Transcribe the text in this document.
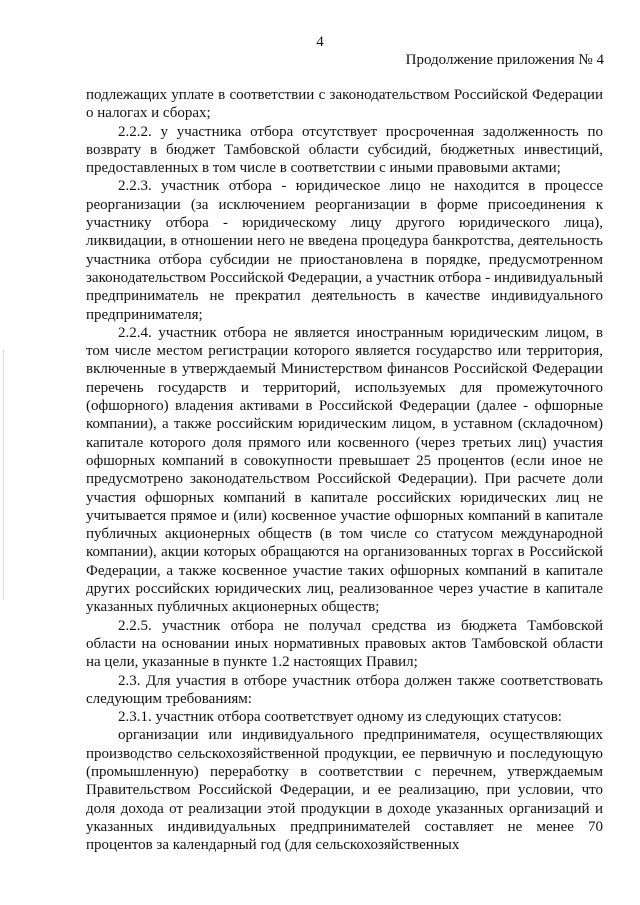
4
Продолжение приложения № 4

подлежащих уплате в соответствии с законодательством Российской Федерации о налогах и сборах;

2.2.2. у участника отбора отсутствует просроченная задолженность по возврату в бюджет Тамбовской области субсидий, бюджетных инвестиций, предоставленных в том числе в соответствии с иными правовыми актами;

2.2.3. участник отбора - юридическое лицо не находится в процессе реорганизации (за исключением реорганизации в форме присоединения к участнику отбора - юридическому лицу другого юридического лица), ликвидации, в отношении него не введена процедура банкротства, деятельность участника отбора субсидии не приостановлена в порядке, предусмотренном законодательством Российской Федерации, а участник отбора - индивидуальный предприниматель не прекратил деятельность в качестве индивидуального предпринимателя;

2.2.4. участник отбора не является иностранным юридическим лицом, в том числе местом регистрации которого является государство или территория, включенные в утверждаемый Министерством финансов Российской Федерации перечень государств и территорий, используемых для промежуточного (офшорного) владения активами в Российской Федерации (далее - офшорные компании), а также российским юридическим лицом, в уставном (складочном) капитале которого доля прямого или косвенного (через третьих лиц) участия офшорных компаний в совокупности превышает 25 процентов (если иное не предусмотрено законодательством Российской Федерации). При расчете доли участия офшорных компаний в капитале российских юридических лиц не учитывается прямое и (или) косвенное участие офшорных компаний в капитале публичных акционерных обществ (в том числе со статусом международной компании), акции которых обращаются на организованных торгах в Российской Федерации, а также косвенное участие таких офшорных компаний в капитале других российских юридических лиц, реализованное через участие в капитале указанных публичных акционерных обществ;

2.2.5. участник отбора не получал средства из бюджета Тамбовской области на основании иных нормативных правовых актов Тамбовской области на цели, указанные в пункте 1.2 настоящих Правил;

2.3. Для участия в отборе участник отбора должен также соответствовать следующим требованиям:

2.3.1. участник отбора соответствует одному из следующих статусов:

организации или индивидуального предпринимателя, осуществляющих производство сельскохозяйственной продукции, ее первичную и последующую (промышленную) переработку в соответствии с перечнем, утверждаемым Правительством Российской Федерации, и ее реализацию, при условии, что доля дохода от реализации этой продукции в доходе указанных организаций и указанных индивидуальных предпринимателей составляет не менее 70 процентов за календарный год (для сельскохозяйственных
